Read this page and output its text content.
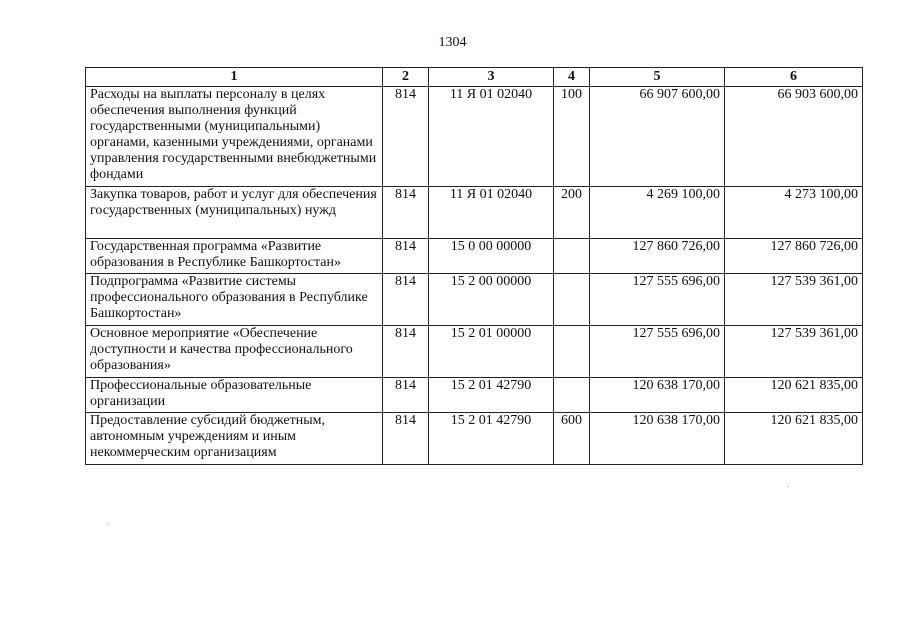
1304
1	2	3	4	5	6
Расходы на выплаты персоналу в целях обеспечения выполнения функций государственными (муниципальными) органами, казенными учреждениями, органами управления государственными внебюджетными фондами	814	11 Я 01 02040	100	66 907 600,00	66 903 600,00
Закупка товаров, работ и услуг для обеспечения государственных (муниципальных) нужд	814	11 Я 01 02040	200	4 269 100,00	4 273 100,00
Государственная программа «Развитие образования в Республике Башкортостан»	814	15 0 00 00000		127 860 726,00	127 860 726,00
Подпрограмма «Развитие системы профессионального образования в Республике Башкортостан»	814	15 2 00 00000		127 555 696,00	127 539 361,00
Основное мероприятие «Обеспечение доступности и качества профессионального образования»	814	15 2 01 00000		127 555 696,00	127 539 361,00
Профессиональные образовательные организации	814	15 2 01 42790		120 638 170,00	120 621 835,00
Предоставление субсидий бюджетным, автономным учреждениям и иным некоммерческим организациям	814	15 2 01 42790	600	120 638 170,00	120 621 835,00
